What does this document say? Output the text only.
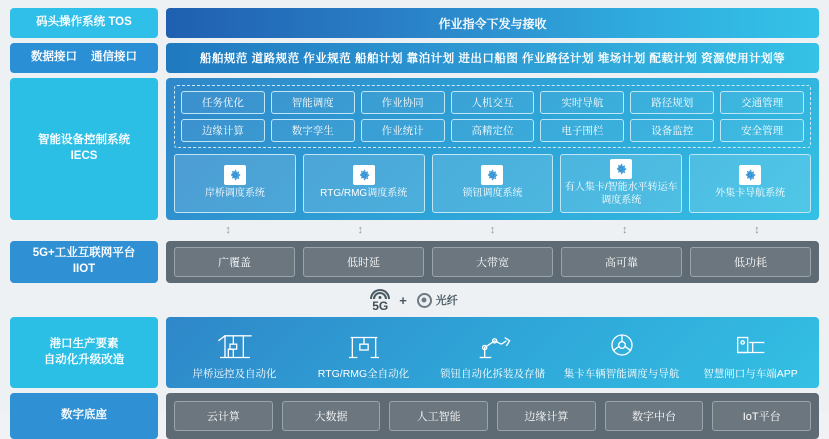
码头操作系统 TOS	作业指令下发与接收
数据接口 通信接口	船舶规范 道路规范 作业规范 船舶计划 靠泊计划 进出口船图 作业路径计划 堆场计划 配载计划 资源使用计划等
智能设备控制系统
IECS
任务优化	智能调度	作业协同	人机交互	实时导航	路径规划	交通管理
边缘计算	数字孪生	作业统计	高精定位	电子围栏	设备监控	安全管理
岸桥调度系统	RTG/RMG调度系统	锁钮调度系统
有人集卡/智能水平转运车调度系统
外集卡导航系统
↕	↕	↕	↕	↕
5G+工业互联网平台
IIOT	广覆盖	低时延	大带宽	高可靠	低功耗
5G +	光纤
港口生产要素
自动化升级改造
岸桥远控及自动化	RTG/RMG全自动化	锁钮自动化拆装及存储 集卡车辆智能调度与导航 智慧闸口与车端APP
数字底座	云计算	大数据	人工智能	边缘计算	数字中台	IoT平台
